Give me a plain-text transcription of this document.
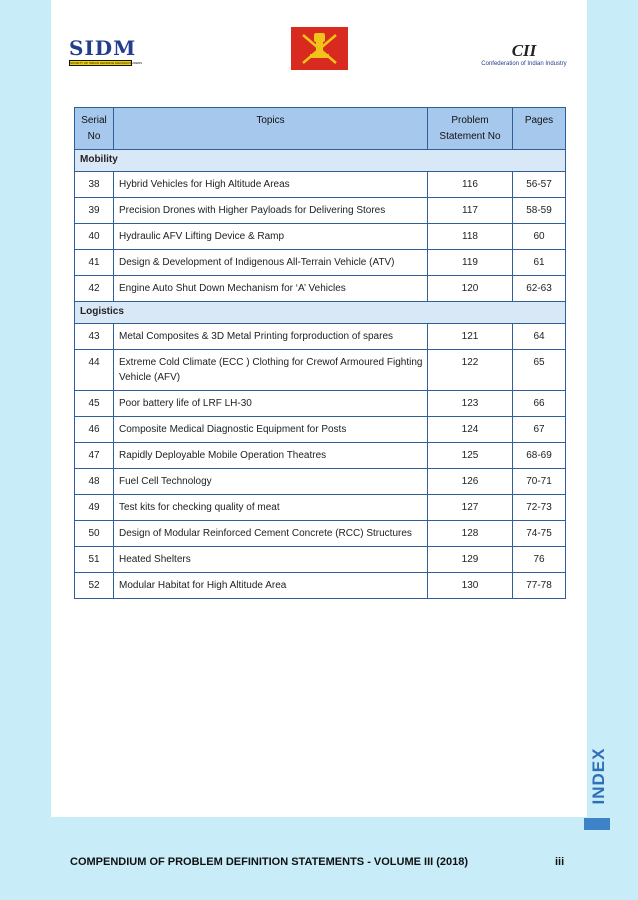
SIDM
SOCIETY OF INDIAN DEFENCE MANUFACTURERS
CII
Confederation of Indian Industry
Serial No	Topics	Problem Statement No	Pages
Mobility			
38	Hybrid Vehicles for High Altitude Areas	116	56-57
39	Precision Drones with Higher Payloads for Delivering Stores	117	58-59
40	Hydraulic AFV Lifting Device & Ramp	118	60
41	Design & Development of Indigenous All-Terrain Vehicle (ATV)	119	61
42	Engine Auto Shut Down Mechanism for ‘A’ Vehicles	120	62-63
Logistics			
43	Metal Composites & 3D Metal Printing forproduction of spares	121	64
44	Extreme Cold Climate (ECC ) Clothing for Crewof Armoured Fighting Vehicle (AFV)	122	65
45	Poor battery life of LRF LH-30	123	66
46	Composite Medical Diagnostic Equipment for Posts	124	67
47	Rapidly Deployable Mobile Operation Theatres	125	68-69
48	Fuel Cell Technology	126	70-71
49	Test kits for checking quality of meat	127	72-73
50	Design of Modular Reinforced Cement Concrete (RCC) Structures	128	74-75
51	Heated Shelters	129	76
52	Modular Habitat for High Altitude Area	130	77-78
INDEX
COMPENDIUM OF PROBLEM DEFINITION STATEMENTS - VOLUME III (2018)	iii
